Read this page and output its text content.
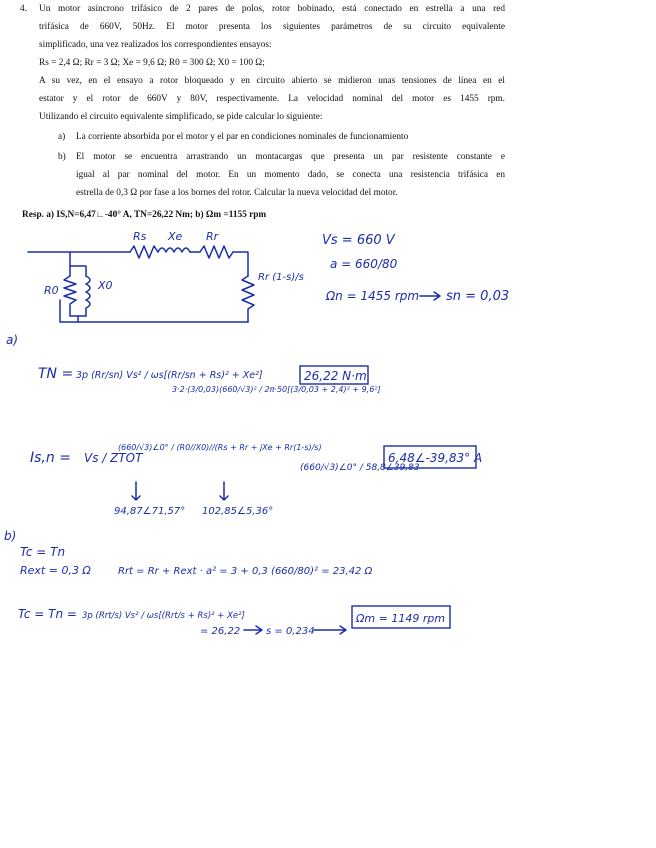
4. Un motor asíncrono trifásico de 2 pares de polos, rotor bobinado, está conectado en estrella a una red
trifásica de 660V, 50Hz. El motor presenta los siguientes parámetros de su circuito equivalente
simplificado, una vez realizados los correspondientes ensayos:
Rs = 2,4 Ω; Rr = 3 Ω; Xe = 9,6 Ω; R0 = 300 Ω; X0 = 100 Ω;
A su vez, en el ensayo a rotor bloqueado y en circuito abierto se midieron unas tensiones de línea en el
estator y el rotor de 660V y 80V, respectivamente. La velocidad nominal del motor es 1455 rpm.
Utilizando el circuito equivalente simplificado, se pide calcular lo siguiente:
a) La corriente absorbida por el motor y el par en condiciones nominales de funcionamiento
b) El motor se encuentra arrastrando un montacargas que presenta un par resistente constante e
igual al par nominal del motor. En un momento dado, se conecta una resistencia trifásica en
estrella de 0,3 Ω por fase a los bornes del rotor. Calcular la nueva velocidad del motor.
Resp. a) IS,N=6,47∟-40° A, TN=26,22 Nm; b) Ωm =1155 rpm
Rs Xe Rr
R0	X0
Rr (1-s)/s
Vs = 660 V
a = 660/80
Ωn = 1455 rpm sn = 0,03
a)
TN = 3p (Rr/sn) Vs² / ωs[(Rr/sn + Rs)² + Xe²]
3·2·(3/0,03)(660/√3)² / 2π·50[(3/0,03 + 2,4)² + 9,6²]
26,22 N·m
Is,n = Vs / ZTOT
(660/√3)∠0° / (R0//X0)//(Rs + Rr + jXe + Rr(1-s)/s)
(660/√3)∠0° / 58,8∠39,83
6,48∠-39,83° A
94,87∠71,57° 102,85∠5,36°
b)
Tc = Tn
Rext = 0,3 Ω	Rrt = Rr + Rext · a² = 3 + 0,3 (660/80)² = 23,42 Ω
Tc = Tn = 3p (Rrt/s) Vs² / ωs[(Rrt/s + Rs)² + Xe²]
= 26,22	s = 0,234
Ωm = 1149 rpm
